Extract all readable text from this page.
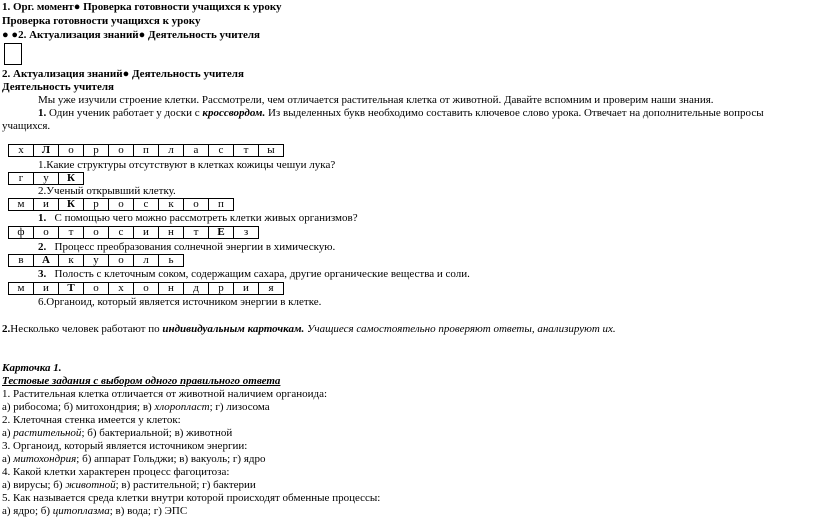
1. Орг. момент● Проверка готовности учащихся к уроку
Проверка готовности учащихся к уроку
● ●2. Актуализация знаний● Деятельность учителя
2. Актуализация знаний● Деятельность учителя
Деятельность учителя
Мы уже изучили строение клетки. Рассмотрели, чем отличается растительная клетка от животной. Давайте вспомним и проверим наши знания.
1. Один ученик работает у доски с кроссвордом. Из выделенных букв необходимо составить ключевое слово урока. Отвечает на дополнительные вопросы
учащихся.
х	Л	о	р	о	п	л	а	с	т	ы
1.Какие структуры отсутствуют в клетках кожицы чешуи лука?
г	у	К
2.Ученый открывший клетку.
м	и	К	р	о	с	к	о	п
1. С помощью чего можно рассмотреть клетки живых организмов?
ф	о	т	о	с	и	н	т	Е	з
2. Процесс преобразования солнечной энергии в химическую.
в	А	к	у	о	л	ь
3. Полость с клеточным соком, содержащим сахара, другие органические вещества и соли.
м	и	Т	о	х	о	н	д	р	и	я
6.Органоид, который является источником энергии в клетке.
2.Несколько человек работают по индивидуальным карточкам. Учащиеся самостоятельно проверяют ответы, анализируют их.
Карточка 1.
Тестовые задания с выбором одного правильного ответа
1. Растительная клетка отличается от животной наличием органоида:
а) рибосома; б) митохондрия; в) хлоропласт; г) лизосома
2. Клеточная стенка имеется у клеток:
а) растительной; б) бактериальной; в) животной
3. Органоид, который является источником энергии:
а) митохондрия; б) аппарат Гольджи; в) вакуоль; г) ядро
4. Какой клетки характерен процесс фагоцитоза:
а) вирусы; б) животной; в) растительной; г) бактерии
5. Как называется среда клетки внутри которой происходят обменные процессы:
а) ядро; б) цитоплазма; в) вода; г) ЭПС
